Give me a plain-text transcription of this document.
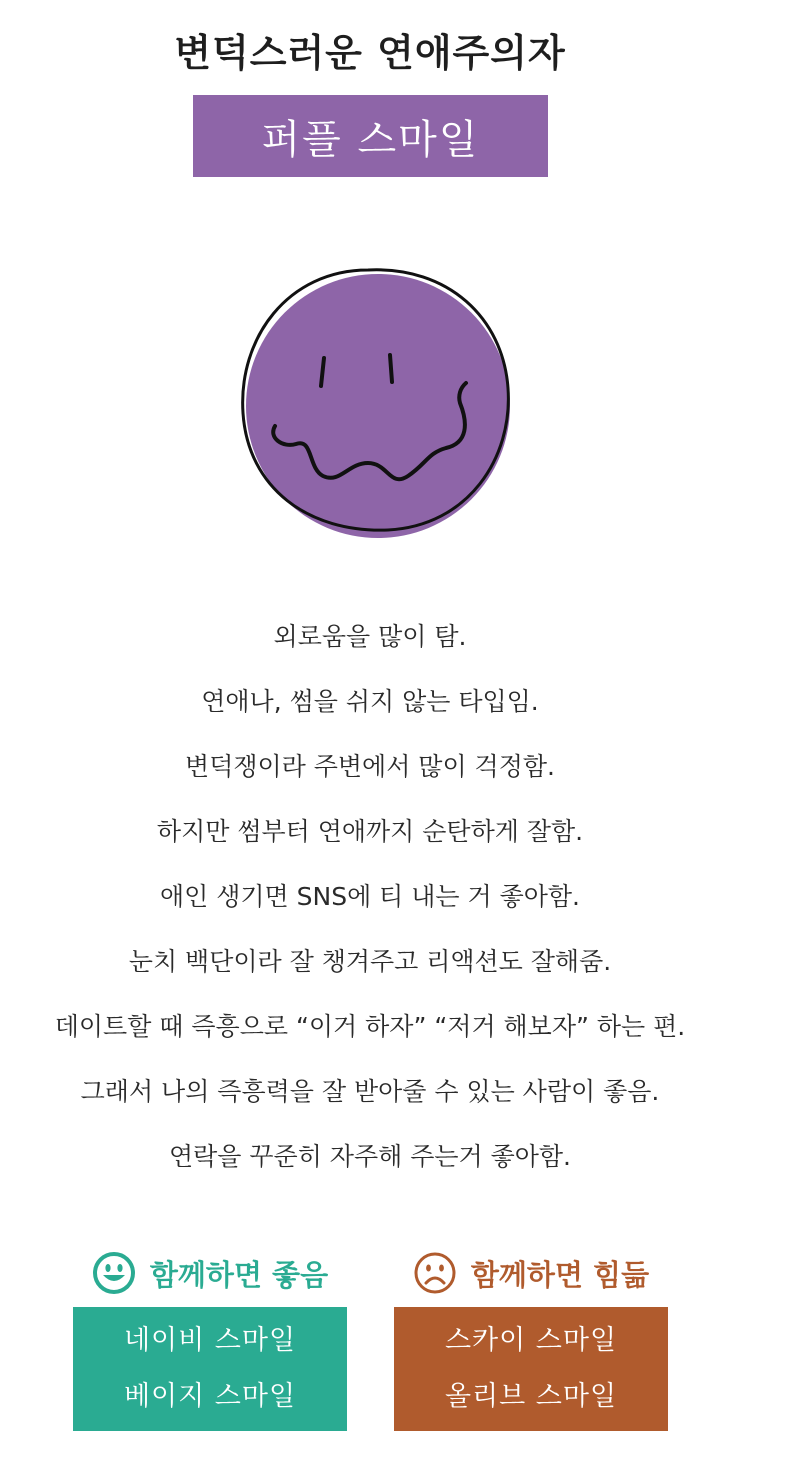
변덕스러운 연애주의자
퍼플 스마일
외로움을 많이 탐.
연애나, 썸을 쉬지 않는 타입임.
변덕쟁이라 주변에서 많이 걱정함.
하지만 썸부터 연애까지 순탄하게 잘함.
애인 생기면 SNS에 티 내는 거 좋아함.
눈치 백단이라 잘 챙겨주고 리액션도 잘해줌.
데이트할 때 즉흥으로 “이거 하자” “저거 해보자” 하는 편.
그래서 나의 즉흥력을 잘 받아줄 수 있는 사람이 좋음.
연락을 꾸준히 자주해 주는거 좋아함.
함께하면 좋음
네이비 스마일
베이지 스마일
함께하면 힘듦
스카이 스마일
올리브 스마일
